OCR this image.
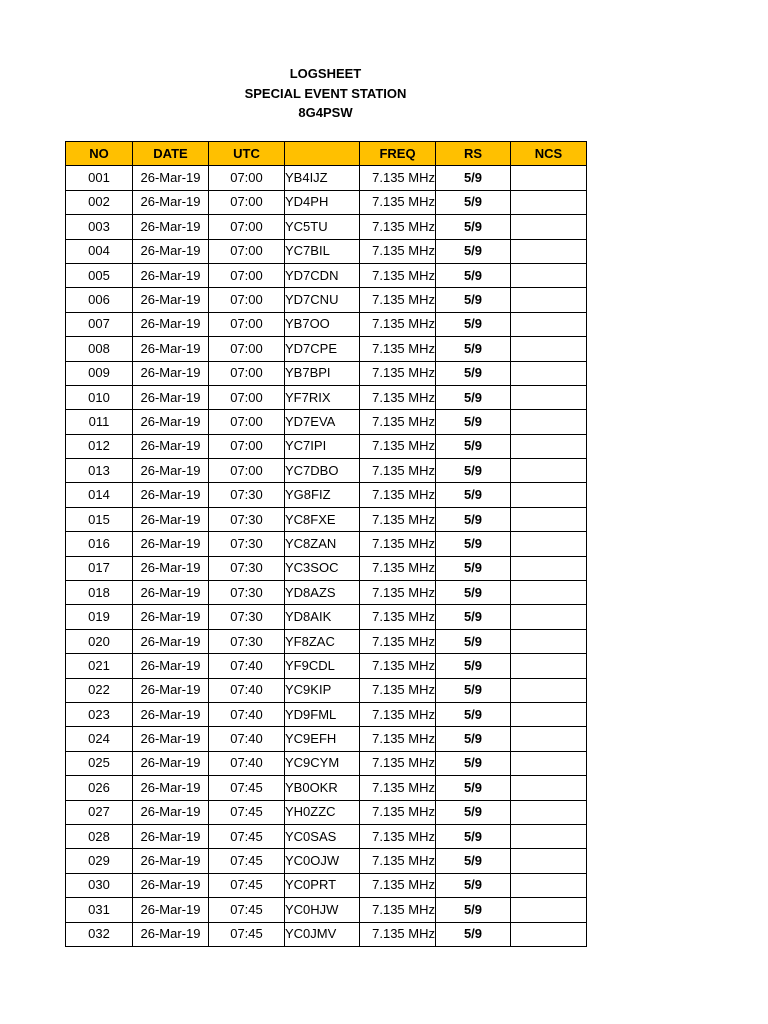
LOGSHEET
SPECIAL EVENT STATION
8G4PSW
NO	DATE	UTC		FREQ	RS	NCS
001	26-Mar-19	07:00	YB4IJZ	7.135 MHz	5/9	
002	26-Mar-19	07:00	YD4PH	7.135 MHz	5/9	
003	26-Mar-19	07:00	YC5TU	7.135 MHz	5/9	
004	26-Mar-19	07:00	YC7BIL	7.135 MHz	5/9	
005	26-Mar-19	07:00	YD7CDN	7.135 MHz	5/9	
006	26-Mar-19	07:00	YD7CNU	7.135 MHz	5/9	
007	26-Mar-19	07:00	YB7OO	7.135 MHz	5/9	
008	26-Mar-19	07:00	YD7CPE	7.135 MHz	5/9	
009	26-Mar-19	07:00	YB7BPI	7.135 MHz	5/9	
010	26-Mar-19	07:00	YF7RIX	7.135 MHz	5/9	
011	26-Mar-19	07:00	YD7EVA	7.135 MHz	5/9	
012	26-Mar-19	07:00	YC7IPI	7.135 MHz	5/9	
013	26-Mar-19	07:00	YC7DBO	7.135 MHz	5/9	
014	26-Mar-19	07:30	YG8FIZ	7.135 MHz	5/9	
015	26-Mar-19	07:30	YC8FXE	7.135 MHz	5/9	
016	26-Mar-19	07:30	YC8ZAN	7.135 MHz	5/9	
017	26-Mar-19	07:30	YC3SOC	7.135 MHz	5/9	
018	26-Mar-19	07:30	YD8AZS	7.135 MHz	5/9	
019	26-Mar-19	07:30	YD8AIK	7.135 MHz	5/9	
020	26-Mar-19	07:30	YF8ZAC	7.135 MHz	5/9	
021	26-Mar-19	07:40	YF9CDL	7.135 MHz	5/9	
022	26-Mar-19	07:40	YC9KIP	7.135 MHz	5/9	
023	26-Mar-19	07:40	YD9FML	7.135 MHz	5/9	
024	26-Mar-19	07:40	YC9EFH	7.135 MHz	5/9	
025	26-Mar-19	07:40	YC9CYM	7.135 MHz	5/9	
026	26-Mar-19	07:45	YB0OKR	7.135 MHz	5/9	
027	26-Mar-19	07:45	YH0ZZC	7.135 MHz	5/9	
028	26-Mar-19	07:45	YC0SAS	7.135 MHz	5/9	
029	26-Mar-19	07:45	YC0OJW	7.135 MHz	5/9	
030	26-Mar-19	07:45	YC0PRT	7.135 MHz	5/9	
031	26-Mar-19	07:45	YC0HJW	7.135 MHz	5/9	
032	26-Mar-19	07:45	YC0JMV	7.135 MHz	5/9	
